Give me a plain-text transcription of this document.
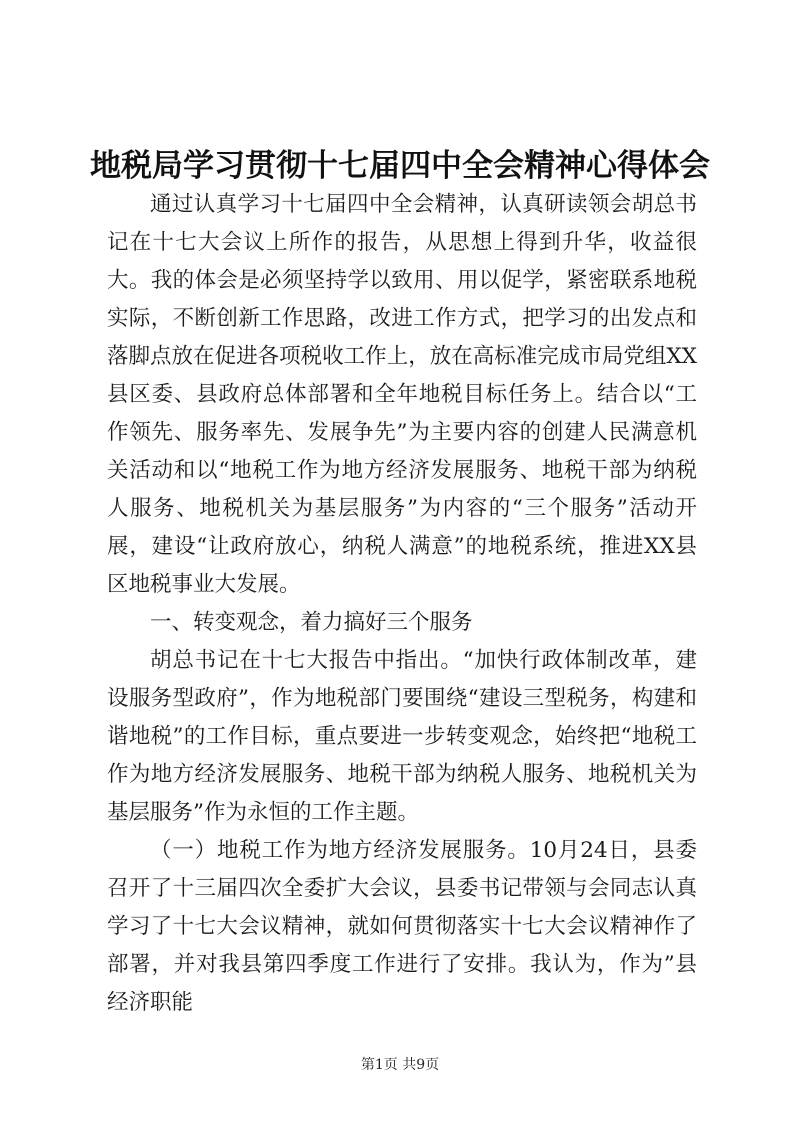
地税局学习贯彻十七届四中全会精神心得体会

通过认真学习十七届四中全会精神，认真研读领会胡总书记在十七大会议上所作的报告，从思想上得到升华，收益很大。我的体会是必须坚持学以致用、用以促学，紧密联系地税实际，不断创新工作思路，改进工作方式，把学习的出发点和落脚点放在促进各项税收工作上，放在高标准完成市局党组XX县区委、县政府总体部署和全年地税目标任务上。结合以“工作领先、服务率先、发展争先”为主要内容的创建人民满意机关活动和以“地税工作为地方经济发展服务、地税干部为纳税人服务、地税机关为基层服务”为内容的“三个服务”活动开展，建设“让政府放心，纳税人满意”的地税系统，推进XX县区地税事业大发展。

一、转变观念，着力搞好三个服务

胡总书记在十七大报告中指出。“加快行政体制改革，建设服务型政府”，作为地税部门要围绕“建设三型税务，构建和谐地税”的工作目标，重点要进一步转变观念，始终把“地税工作为地方经济发展服务、地税干部为纳税人服务、地税机关为基层服务”作为永恒的工作主题。

（一）地税工作为地方经济发展服务。10月24日，县委召开了十三届四次全委扩大会议，县委书记带领与会同志认真学习了十七大会议精神，就如何贯彻落实十七大会议精神作了部署，并对我县第四季度工作进行了安排。我认为，作为”县经济职能

第1页 共9页
